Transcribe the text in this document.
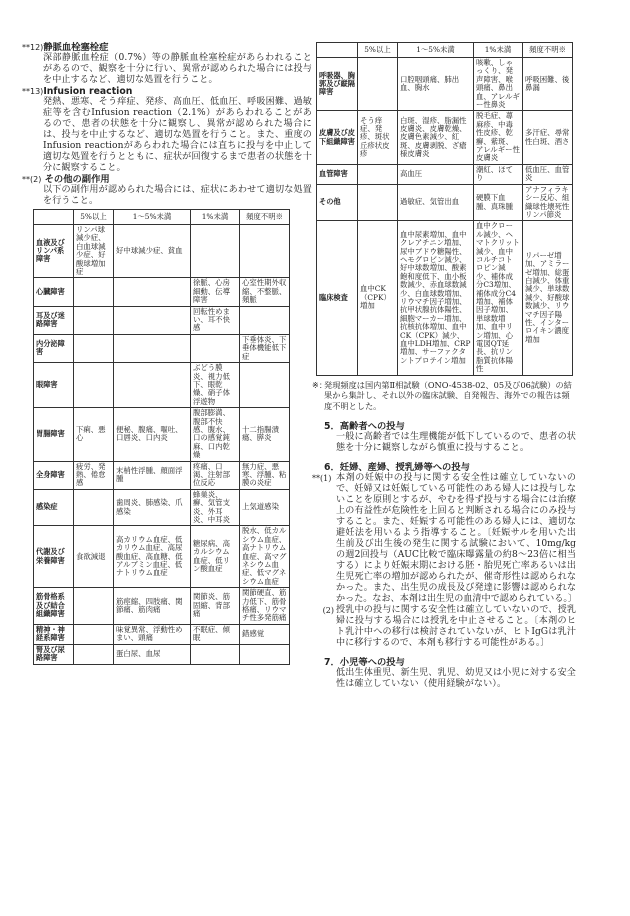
**12)静脈血栓塞栓症

深部静脈血栓症（0.7%）等の静脈血栓塞栓症があらわれることがあるので、観察を十分に行い、異常が認められた場合には投与を中止するなど、適切な処置を行うこと。

**13)Infusion reaction

発熱、悪寒、そう痒症、発疹、高血圧、低血圧、呼吸困難、過敏症等を含むInfusion reaction（2.1%）があらわれることがあるので、患者の状態を十分に観察し、異常が認められた場合には、投与を中止するなど、適切な処置を行うこと。また、重度のInfusion reactionがあらわれた場合には直ちに投与を中止して適切な処置を行うとともに、症状が回復するまで患者の状態を十分に観察すること。

**(2) その他の副作用

以下の副作用が認められた場合には、症状にあわせて適切な処置を行うこと。

	5%以上	1～5%未満	1%未満	頻度不明※
血液及びリンパ系障害	リンパ球減少症、白血球減少症、好酸球増加症	好中球減少症、貧血		
心臓障害			徐脈、心房細動、伝導障害	心室性期外収縮、不整脈、頻脈
耳及び迷路障害			回転性めまい、耳不快感	
内分泌障害				下垂体炎、下垂体機能低下症
眼障害			ぶどう膜炎、視力低下、眼乾燥、硝子体浮遊物	
胃腸障害	下痢、悪心	便秘、腹痛、嘔吐、口唇炎、口内炎	腹部膨満、腹部不快感、腹水、口の感覚鈍麻、口内乾燥	十二指腸潰瘍、膵炎
全身障害	疲労、発熱、倦怠感	末梢性浮腫、顔面浮腫	疼痛、口渇、注射部位反応	無力症、悪寒、浮腫、粘膜の炎症
感染症		歯周炎、肺感染、爪感染	蜂巣炎、癬、気管支炎、外耳炎、中耳炎	上気道感染
代謝及び栄養障害	食欲減退	高カリウム血症、低カリウム血症、高尿酸血症、高血糖、低アルブミン血症、低ナトリウム血症	糖尿病、高カルシウム血症、低リン酸血症	脱水、低カルシウム血症、高ナトリウム血症、高マグネシウム血症、低マグネシウム血症
筋骨格系及び結合組織障害		筋痙縮、四肢痛、関節痛、筋肉痛	関節炎、筋固縮、背部痛	関節硬直、筋力低下、筋骨格痛、リウマチ性多発筋痛
精神・神経系障害		味覚異常、浮動性めまい、頭痛	不眠症、傾眠	錯感覚
腎及び尿路障害		蛋白尿、血尿		
	5%以上	1～5%未満	1%未満	頻度不明※
呼吸器、胸郭及び縦隔障害		口腔咽頭痛、肺出血、胸水	咳嗽、しゃっくり、発声障害、喉頭痛、鼻出血、アレルギー性鼻炎	呼吸困難、後鼻漏
皮膚及び皮下組織障害	そう痒症、発疹、斑状丘疹状皮疹	白斑、湿疹、脂漏性皮膚炎、皮膚乾燥、皮膚色素減少、紅斑、皮膚剥脱、ざ瘡様皮膚炎	脱毛症、蕁麻疹、中毒性皮疹、乾癬、紫斑、アレルギー性皮膚炎	多汗症、尋常性白斑、酒さ
血管障害		高血圧	潮紅、ほてり	低血圧、血管炎
その他		過敏症、気管出血	硬膜下血腫、真珠腫	アナフィラキシー反応、組織球性壊死性リンパ節炎
臨床検査	血中CK（CPK）増加	血中尿素増加、血中クレアチニン増加、尿中ブドウ糖陽性、ヘモグロビン減少、好中球数増加、酸素飽和度低下、血小板数減少、赤血球数減少、白血球数増加、リウマチ因子増加、抗甲状腺抗体陽性、細胞マーカー増加、抗核抗体増加、血中CK（CPK）減少、血中LDH増加、CRP増加、サーファクタントプロテイン増加	血中クロール減少、ヘマトクリット減少、血中コルチコトロピン減少、補体成分C3増加、補体成分C4増加、補体因子増加、単球数増加、血中リン増加、心電図QT延長、抗リン脂質抗体陽性	リパーゼ増加、アミラーゼ増加、総蛋白減少、体重減少、単球数減少、好酸球数減少、リウマチ因子陽性、インターロイキン濃度増加
※：
発現頻度は国内第Ⅱ相試験（ONO-4538-02、05及び06試験）の結果から集計し、それ以外の臨床試験、自発報告、海外での報告は頻度不明とした。

5．高齢者への投与

一般に高齢者では生理機能が低下しているので、患者の状態を十分に観察しながら慎重に投与すること。

6．妊婦、産婦、授乳婦等への投与

**(1) 本剤の妊娠中の投与に関する安全性は確立していないので、妊婦又は妊娠している可能性のある婦人には投与しないことを原則とするが、やむを得ず投与する場合には治療上の有益性が危険性を上回ると判断される場合にのみ投与すること。また、妊娠する可能性のある婦人には、適切な避妊法を用いるよう指導すること。〔妊娠サルを用いた出生前及び出生後の発生に関する試験において、10mg/kgの週2回投与（AUC比較で臨床曝露量の約8～23倍に相当する）により妊娠末期における胚・胎児死亡率あるいは出生児死亡率の増加が認められたが、催奇形性は認められなかった。また、出生児の成長及び発達に影響は認められなかった。なお、本剤は出生児の血清中で認められている。〕
(2) 授乳中の投与に関する安全性は確立していないので、授乳婦に投与する場合には授乳を中止させること。〔本剤のヒト乳汁中への移行は検討されていないが、ヒトIgGは乳汁中に移行するので、本剤も移行する可能性がある。〕

7．小児等への投与

低出生体重児、新生児、乳児、幼児又は小児に対する安全性は確立していない（使用経験がない）。
